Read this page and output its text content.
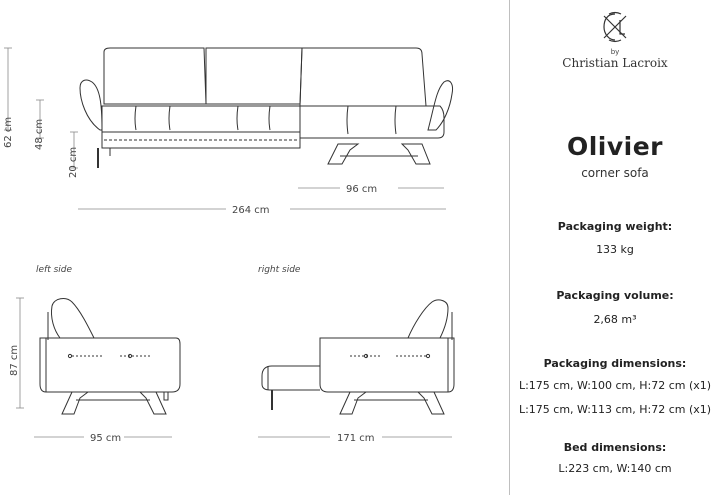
62 cm 48 cm
20 cm
96 cm
264 cm
left side
87 cm
95 cm
right side
171 cm
by
Christian Lacroix
Olivier
corner sofa
Packaging weight:
133 kg
Packaging volume:
2,68 m³
Packaging dimensions:
L:175 cm, W:100 cm, H:72 cm (x1)
L:175 cm, W:113 cm, H:72 cm (x1)
Bed dimensions:
L:223 cm, W:140 cm
